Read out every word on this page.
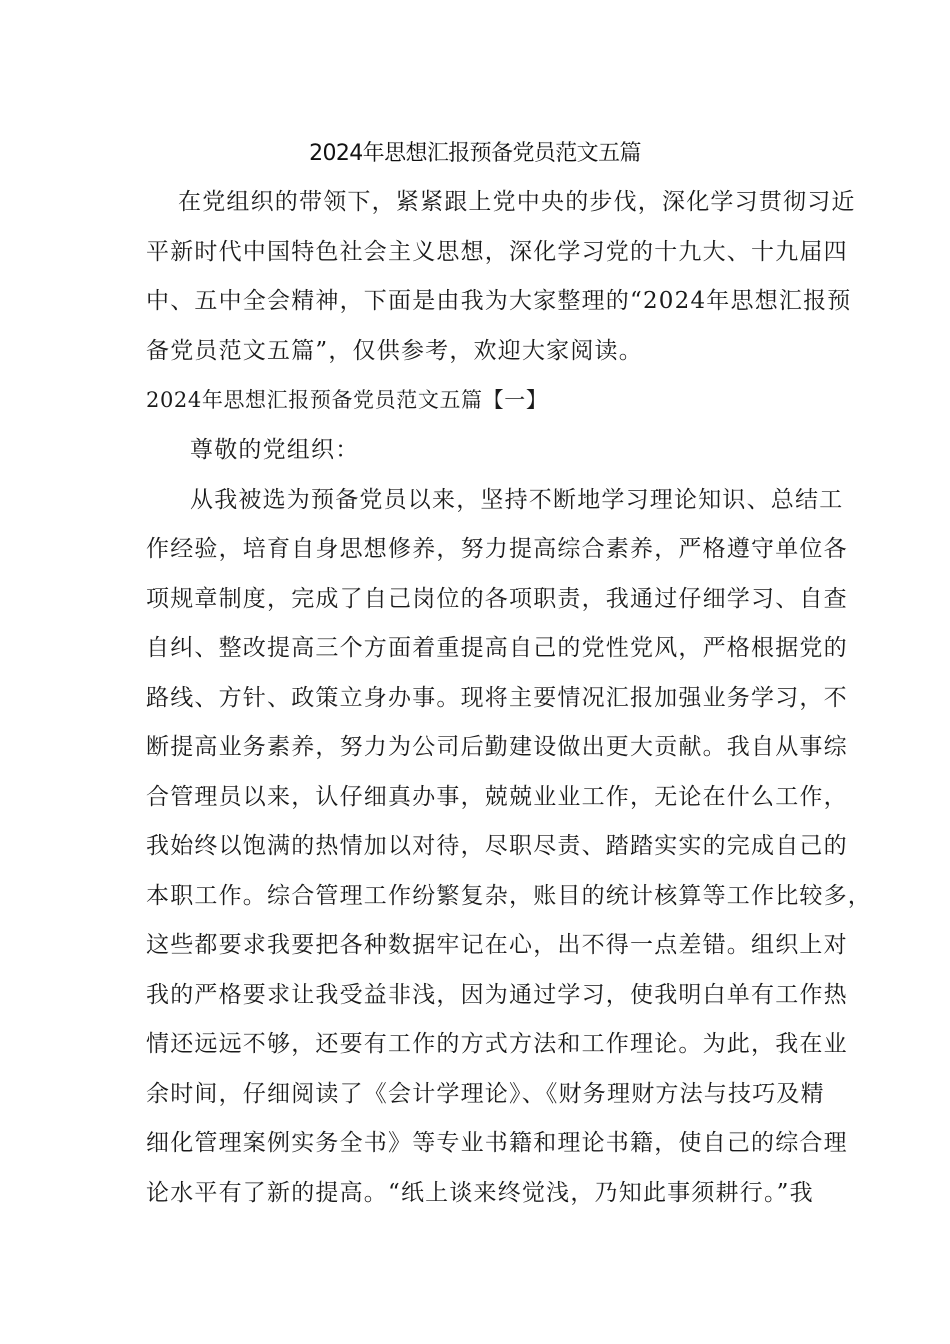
2024年思想汇报预备党员范文五篇
在党组织的带领下，紧紧跟上党中央的步伐，深化学习贯彻习近
平新时代中国特色社会主义思想，深化学习党的十九大、十九届四
中、五中全会精神，下面是由我为大家整理的“2024年思想汇报预
备党员范文五篇”，仅供参考，欢迎大家阅读。
2024年思想汇报预备党员范文五篇【一】
尊敬的党组织：
从我被选为预备党员以来，坚持不断地学习理论知识、总结工
作经验，培育自身思想修养，努力提高综合素养，严格遵守单位各
项规章制度，完成了自己岗位的各项职责，我通过仔细学习、自查
自纠、整改提高三个方面着重提高自己的党性党风，严格根据党的
路线、方针、政策立身办事。现将主要情况汇报加强业务学习，不
断提高业务素养，努力为公司后勤建设做出更大贡献。我自从事综
合管理员以来，认仔细真办事，兢兢业业工作，无论在什么工作，
我始终以饱满的热情加以对待，尽职尽责、踏踏实实的完成自己的
本职工作。综合管理工作纷繁复杂，账目的统计核算等工作比较多，
这些都要求我要把各种数据牢记在心，出不得一点差错。组织上对
我的严格要求让我受益非浅，因为通过学习，使我明白单有工作热
情还远远不够，还要有工作的方式方法和工作理论。为此，我在业
余时间，仔细阅读了《会计学理论》、《财务理财方法与技巧及精
细化管理案例实务全书》等专业书籍和理论书籍，使自己的综合理
论水平有了新的提高。“纸上谈来终觉浅，乃知此事须耕行。”我
